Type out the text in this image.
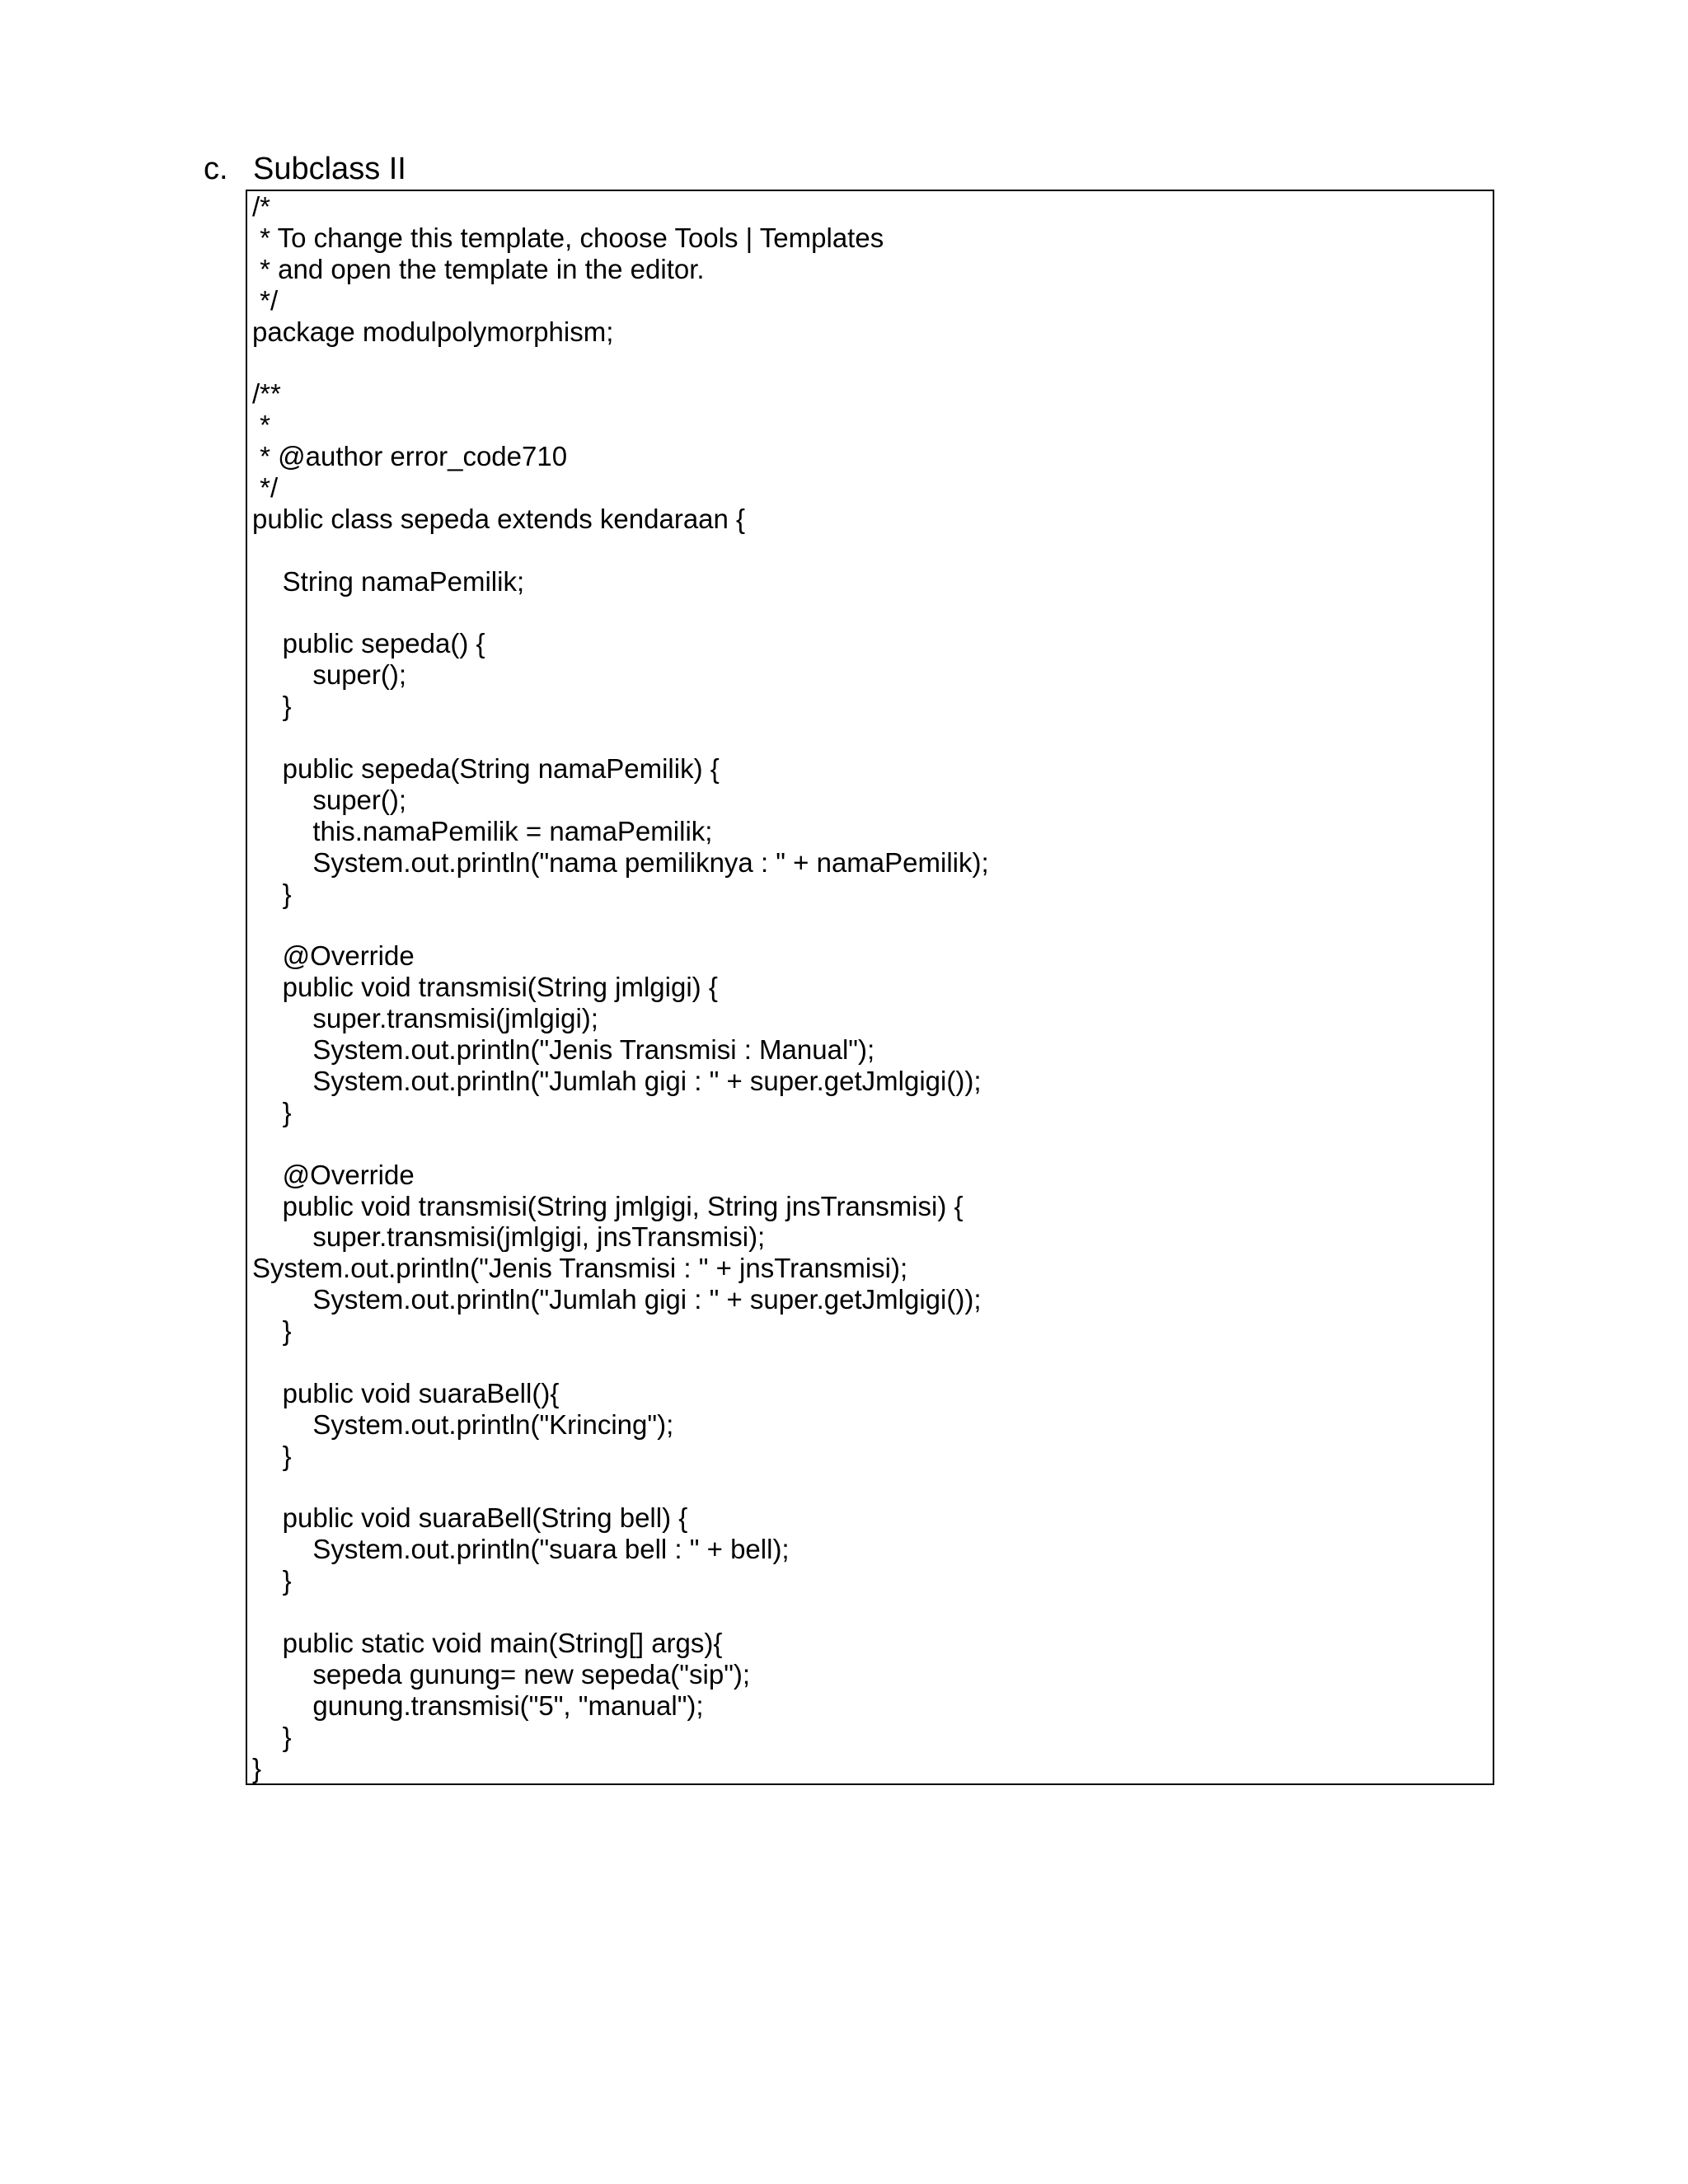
c. Subclass II
/*
* To change this template, choose Tools | Templates
* and open the template in the editor.
*/
package modulpolymorphism;
/**
*
* @author error_code710
*/
public class sepeda extends kendaraan {
String namaPemilik;
public sepeda() {
super();
}
public sepeda(String namaPemilik) {
super();
this.namaPemilik = namaPemilik;
System.out.println("nama pemiliknya : " + namaPemilik);
}
@Override
public void transmisi(String jmlgigi) {
super.transmisi(jmlgigi);
System.out.println("Jenis Transmisi : Manual");
System.out.println("Jumlah gigi : " + super.getJmlgigi());
}
@Override
public void transmisi(String jmlgigi, String jnsTransmisi) {
super.transmisi(jmlgigi, jnsTransmisi);
System.out.println("Jenis Transmisi : " + jnsTransmisi);
System.out.println("Jumlah gigi : " + super.getJmlgigi());
}
public void suaraBell(){
System.out.println("Krincing");
}
public void suaraBell(String bell) {
System.out.println("suara bell : " + bell);
}
public static void main(String[] args){
sepeda gunung= new sepeda("sip");
gunung.transmisi("5", "manual");
}
}
